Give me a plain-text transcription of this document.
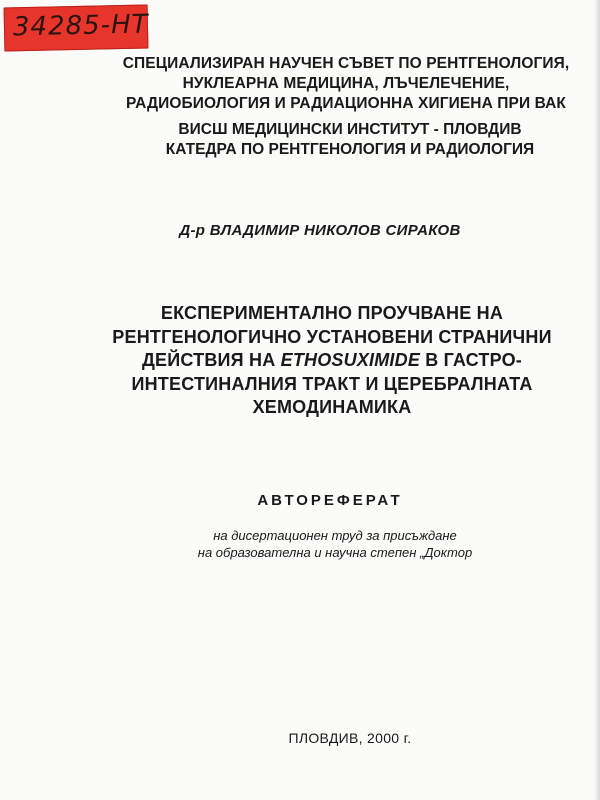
34285-НТ
СПЕЦИАЛИЗИРАН НАУЧЕН СЪВЕТ ПО РЕНТГЕНОЛОГИЯ,
НУКЛЕАРНА МЕДИЦИНА, ЛЪЧЕЛЕЧЕНИЕ,
РАДИОБИОЛОГИЯ И РАДИАЦИОННА ХИГИЕНА ПРИ ВАК
ВИСШ МЕДИЦИНСКИ ИНСТИТУТ - ПЛОВДИВ
КАТЕДРА ПО РЕНТГЕНОЛОГИЯ И РАДИОЛОГИЯ
Д-р ВЛАДИМИР НИКОЛОВ СИРАКОВ
ЕКСПЕРИМЕНТАЛНО ПРОУЧВАНЕ НА
РЕНТГЕНОЛОГИЧНО УСТАНОВЕНИ СТРАНИЧНИ
ДЕЙСТВИЯ НА ETHOSUXIMIDE В ГАСТРО-
ИНТЕСТИНАЛНИЯ ТРАКТ И ЦЕРЕБРАЛНАТА
ХЕМОДИНАМИКА
АВТОРЕФЕРАТ
на дисертационен труд за присъждане
на образователна и научна степен „Доктор
ПЛОВДИВ, 2000 г.
